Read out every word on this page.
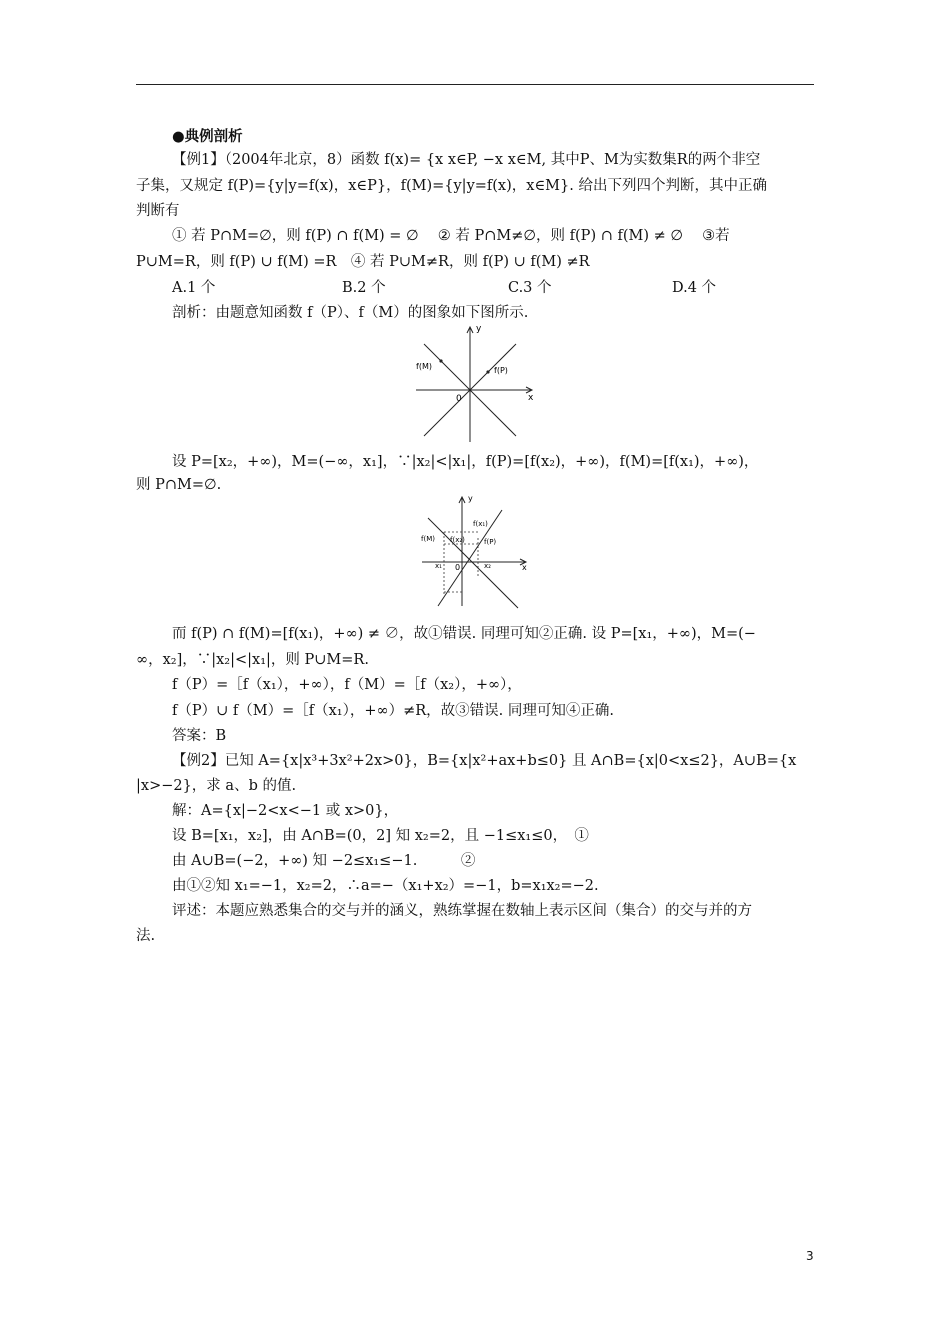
●典例剖析
【例1】（2004年北京，8）函数 f(x)= {x x∈P, −x x∈M, 其中P、M为实数集R的两个非空
子集，又规定 f(P)={y|y=f(x)，x∈P}，f(M)={y|y=f(x)，x∈M}. 给出下列四个判断，其中正确
判断有
① 若 P∩M=∅，则 f(P) ∩ f(M) = ∅　 ② 若 P∩M≠∅，则 f(P) ∩ f(M) ≠ ∅　 ③若
P∪M=R，则 f(P) ∪ f(M) =R　④ 若 P∪M≠R，则 f(P) ∪ f(M) ≠R
A.1 个	B.2 个	C.3 个	D.4 个
剖析：由题意知函数 f（P）、f（M）的图象如下图所示.
y
x
0
f(M)	f(P)
设 P=[x₂，+∞)，M=(−∞，x₁]，∵|x₂|<|x₁|，f(P)=[f(x₂)，+∞)，f(M)=[f(x₁)，+∞)，
则 P∩M=∅.
y
x
0
f(M)	f(P)
f(x₁)
f(x₂)
x₁	x₂
而 f(P) ∩ f(M)=[f(x₁)，+∞) ≠ ∅，故①错误. 同理可知②正确. 设 P=[x₁，+∞)，M=(−
∞，x₂]，∵|x₂|<|x₁|，则 P∪M=R.
f（P）=［f（x₁），+∞），f（M）=［f（x₂），+∞），
f（P）∪ f（M）=［f（x₁），+∞）≠R，故③错误. 同理可知④正确.
答案：B
【例2】已知 A={x|x³+3x²+2x>0}，B={x|x²+ax+b≤0} 且 A∩B={x|0<x≤2}，A∪B={x
|x>−2}，求 a、b 的值.
解：A={x|−2<x<−1 或 x>0}，
设 B=[x₁，x₂]，由 A∩B=(0，2] 知 x₂=2，且 −1≤x₁≤0，　①
由 A∪B=(−2，+∞) 知 −2≤x₁≤−1.　　　②
由①②知 x₁=−1，x₂=2，∴a=−（x₁+x₂）=−1，b=x₁x₂=−2.
评述：本题应熟悉集合的交与并的涵义，熟练掌握在数轴上表示区间（集合）的交与并的方
法.
3
